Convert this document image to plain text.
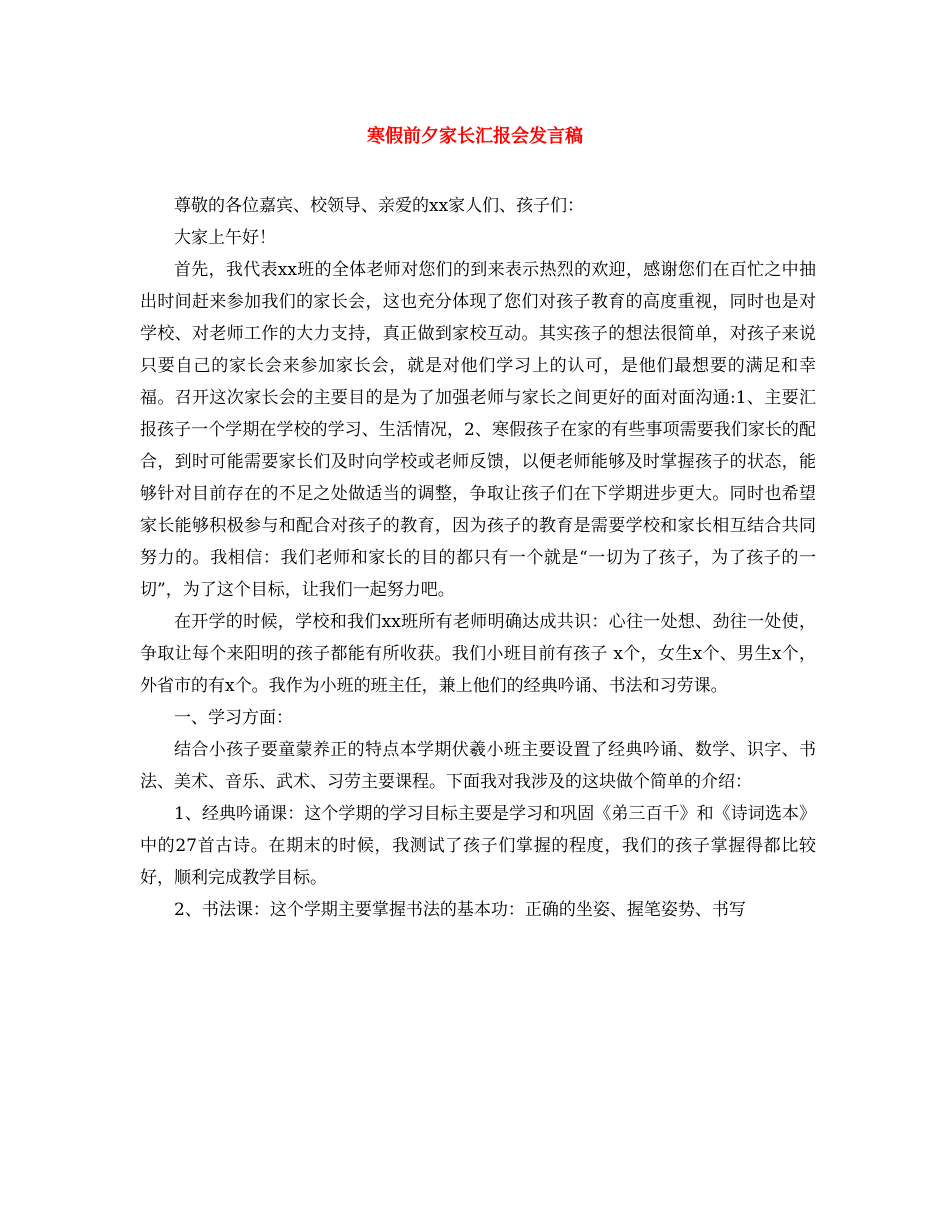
寒假前夕家长汇报会发言稿

尊敬的各位嘉宾、校领导、亲爱的xx家人们、孩子们：

大家上午好！

首先，我代表xx班的全体老师对您们的到来表示热烈的欢迎，感谢您们在百忙之中抽出时间赶来参加我们的家长会，这也充分体现了您们对孩子教育的高度重视，同时也是对学校、对老师工作的大力支持，真正做到家校互动。其实孩子的想法很简单，对孩子来说只要自己的家长会来参加家长会，就是对他们学习上的认可，是他们最想要的满足和幸福。召开这次家长会的主要目的是为了加强老师与家长之间更好的面对面沟通:1、主要汇报孩子一个学期在学校的学习、生活情况，2、寒假孩子在家的有些事项需要我们家长的配合，到时可能需要家长们及时向学校或老师反馈，以便老师能够及时掌握孩子的状态，能够针对目前存在的不足之处做适当的调整，争取让孩子们在下学期进步更大。同时也希望家长能够积极参与和配合对孩子的教育，因为孩子的教育是需要学校和家长相互结合共同努力的。我相信：我们老师和家长的目的都只有一个就是“一切为了孩子，为了孩子的一切”，为了这个目标，让我们一起努力吧。

在开学的时候，学校和我们xx班所有老师明确达成共识：心往一处想、劲往一处使，争取让每个来阳明的孩子都能有所收获。我们小班目前有孩子 x个，女生x个、男生x个，外省市的有x个。我作为小班的班主任，兼上他们的经典吟诵、书法和习劳课。

一、学习方面：

结合小孩子要童蒙养正的特点本学期伏羲小班主要设置了经典吟诵、数学、识字、书法、美术、音乐、武术、习劳主要课程。下面我对我涉及的这块做个简单的介绍：

1、经典吟诵课：这个学期的学习目标主要是学习和巩固《弟三百千》和《诗词选本》中的27首古诗。在期末的时候，我测试了孩子们掌握的程度，我们的孩子掌握得都比较好，顺利完成教学目标。

2、书法课：这个学期主要掌握书法的基本功：正确的坐姿、握笔姿势、书写
